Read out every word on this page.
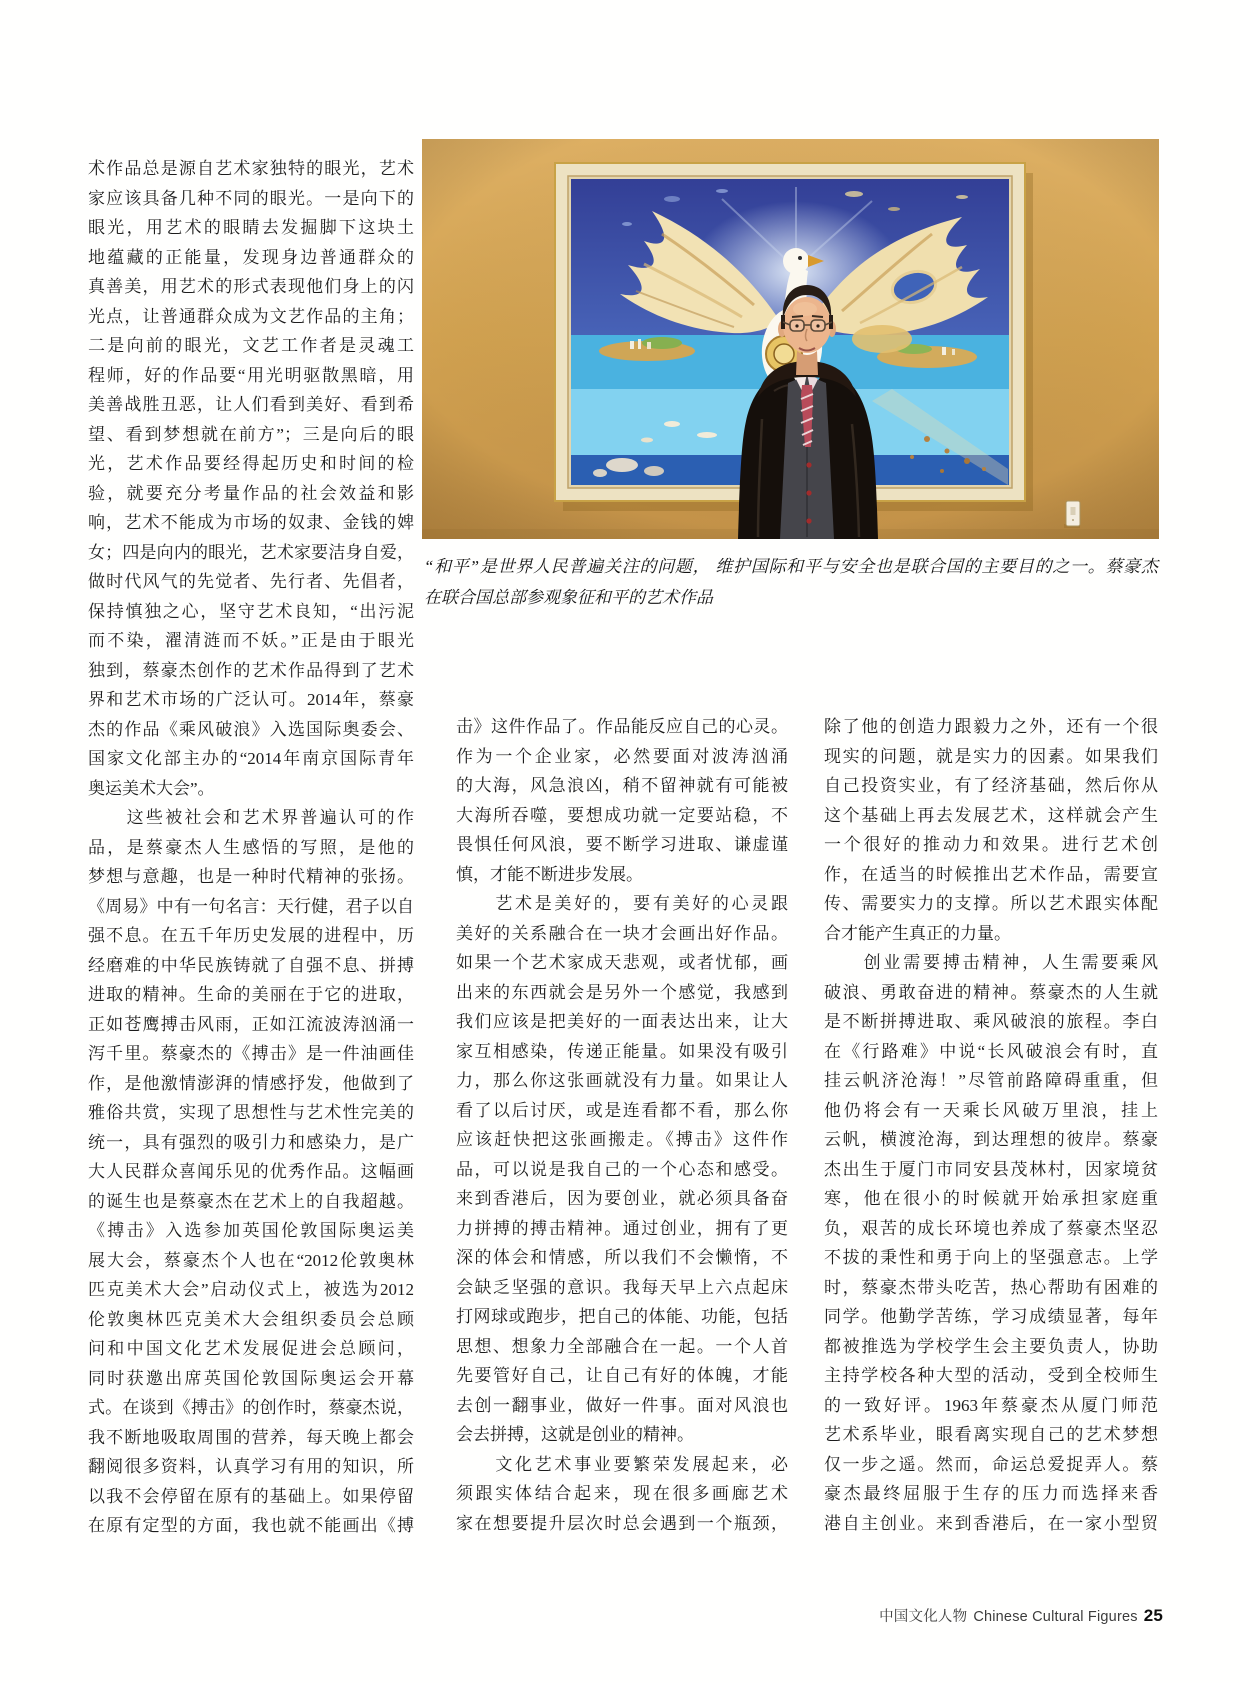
术作品总是源自艺术家独特的眼光，艺术
家应该具备几种不同的眼光。一是向下的
眼光，用艺术的眼睛去发掘脚下这块土
地蕴藏的正能量，发现身边普通群众的
真善美，用艺术的形式表现他们身上的闪
光点，让普通群众成为文艺作品的主角；
二是向前的眼光，文艺工作者是灵魂工
程师，好的作品要“用光明驱散黑暗，用
美善战胜丑恶，让人们看到美好、看到希
望、看到梦想就在前方”；三是向后的眼
光，艺术作品要经得起历史和时间的检
验，就要充分考量作品的社会效益和影
响，艺术不能成为市场的奴隶、金钱的婢
女；四是向内的眼光，艺术家要洁身自爱，
做时代风气的先觉者、先行者、先倡者，
保持慎独之心，坚守艺术良知，“出污泥
而不染，濯清涟而不妖。”正是由于眼光
独到，蔡豪杰创作的艺术作品得到了艺术
界和艺术市场的广泛认可。2014年，蔡豪
杰的作品《乘风破浪》入选国际奥委会、
国家文化部主办的“2014年南京国际青年
奥运美术大会”。
　　这些被社会和艺术界普遍认可的作
品，是蔡豪杰人生感悟的写照，是他的
梦想与意趣，也是一种时代精神的张扬。
《周易》中有一句名言：天行健，君子以自
强不息。在五千年历史发展的进程中，历
经磨难的中华民族铸就了自强不息、拼搏
进取的精神。生命的美丽在于它的进取，
正如苍鹰搏击风雨，正如江流波涛汹涌一
泻千里。蔡豪杰的《搏击》是一件油画佳
作，是他激情澎湃的情感抒发，他做到了
雅俗共赏，实现了思想性与艺术性完美的
统一，具有强烈的吸引力和感染力，是广
大人民群众喜闻乐见的优秀作品。这幅画
的诞生也是蔡豪杰在艺术上的自我超越。
《搏击》入选参加英国伦敦国际奥运美
展大会，蔡豪杰个人也在“2012伦敦奥林
匹克美术大会”启动仪式上，被选为2012
伦敦奥林匹克美术大会组织委员会总顾
问和中国文化艺术发展促进会总顾问，
同时获邀出席英国伦敦国际奥运会开幕
式。在谈到《搏击》的创作时，蔡豪杰说，
我不断地吸取周围的营养，每天晚上都会
翻阅很多资料，认真学习有用的知识，所
以我不会停留在原有的基础上。如果停留
在原有定型的方面，我也就不能画出《搏
“和平”是世界人民普遍关注的问题， 维护国际和平与安全也是联合国的主要目的之一。蔡豪杰
在联合国总部参观象征和平的艺术作品
击》这件作品了。作品能反应自己的心灵。
作为一个企业家，必然要面对波涛汹涌
的大海，风急浪凶，稍不留神就有可能被
大海所吞噬，要想成功就一定要站稳，不
畏惧任何风浪，要不断学习进取、谦虚谨
慎，才能不断进步发展。
　　艺术是美好的，要有美好的心灵跟
美好的关系融合在一块才会画出好作品。
如果一个艺术家成天悲观，或者忧郁，画
出来的东西就会是另外一个感觉，我感到
我们应该是把美好的一面表达出来，让大
家互相感染，传递正能量。如果没有吸引
力，那么你这张画就没有力量。如果让人
看了以后讨厌，或是连看都不看，那么你
应该赶快把这张画搬走。《搏击》这件作
品，可以说是我自己的一个心态和感受。
来到香港后，因为要创业，就必须具备奋
力拼搏的搏击精神。通过创业，拥有了更
深的体会和情感，所以我们不会懒惰，不
会缺乏坚强的意识。我每天早上六点起床
打网球或跑步，把自己的体能、功能，包括
思想、想象力全部融合在一起。一个人首
先要管好自己，让自己有好的体魄，才能
去创一翻事业，做好一件事。面对风浪也
会去拼搏，这就是创业的精神。
　　文化艺术事业要繁荣发展起来，必
须跟实体结合起来，现在很多画廊艺术
家在想要提升层次时总会遇到一个瓶颈，
除了他的创造力跟毅力之外，还有一个很
现实的问题，就是实力的因素。如果我们
自己投资实业，有了经济基础，然后你从
这个基础上再去发展艺术，这样就会产生
一个很好的推动力和效果。进行艺术创
作，在适当的时候推出艺术作品，需要宣
传、需要实力的支撑。所以艺术跟实体配
合才能产生真正的力量。
　　创业需要搏击精神，人生需要乘风
破浪、勇敢奋进的精神。蔡豪杰的人生就
是不断拼搏进取、乘风破浪的旅程。李白
在《行路难》中说“长风破浪会有时，直
挂云帆济沧海！”尽管前路障碍重重，但
他仍将会有一天乘长风破万里浪，挂上
云帆，横渡沧海，到达理想的彼岸。蔡豪
杰出生于厦门市同安县茂林村，因家境贫
寒，他在很小的时候就开始承担家庭重
负，艰苦的成长环境也养成了蔡豪杰坚忍
不拔的秉性和勇于向上的坚强意志。上学
时，蔡豪杰带头吃苦，热心帮助有困难的
同学。他勤学苦练，学习成绩显著，每年
都被推选为学校学生会主要负责人，协助
主持学校各种大型的活动，受到全校师生
的一致好评。1963年蔡豪杰从厦门师范
艺术系毕业，眼看离实现自己的艺术梦想
仅一步之遥。然而，命运总爱捉弄人。蔡
豪杰最终屈服于生存的压力而选择来香
港自主创业。来到香港后，在一家小型贸
中国文化人物 Chinese Cultural Figures 25
